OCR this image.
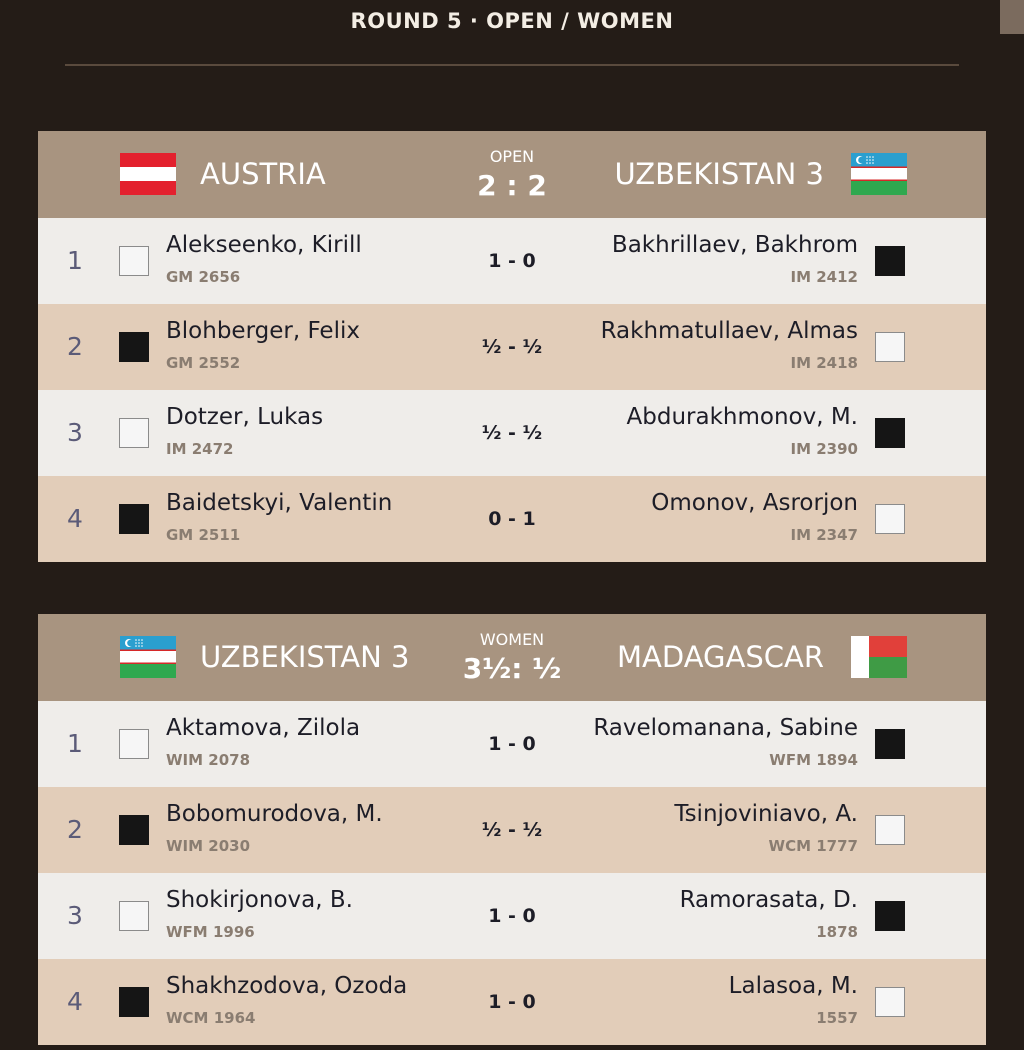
ROUND 5 · OPEN / WOMEN
AUSTRIA
OPEN
2 : 2	UZBEKISTAN 3
1
Alekseenko, Kirill
GM 2656
1 - 0
Bakhrillaev, Bakhrom
IM 2412
2
Blohberger, Felix
GM 2552
½ - ½
Rakhmatullaev, Almas
IM 2418
3
Dotzer, Lukas
IM 2472
½ - ½
Abdurakhmonov, M.
IM 2390
4
Baidetskyi, Valentin
GM 2511
0 - 1
Omonov, Asrorjon
IM 2347
UZBEKISTAN 3
WOMEN
3½: ½	MADAGASCAR
1
Aktamova, Zilola
WIM 2078
1 - 0
Ravelomanana, Sabine
WFM 1894
2
Bobomurodova, M.
WIM 2030
½ - ½
Tsinjoviniavo, A.
WCM 1777
3
Shokirjonova, B.
WFM 1996
1 - 0
Ramorasata, D.
1878
4
Shakhzodova, Ozoda
WCM 1964
1 - 0
Lalasoa, M.
1557
